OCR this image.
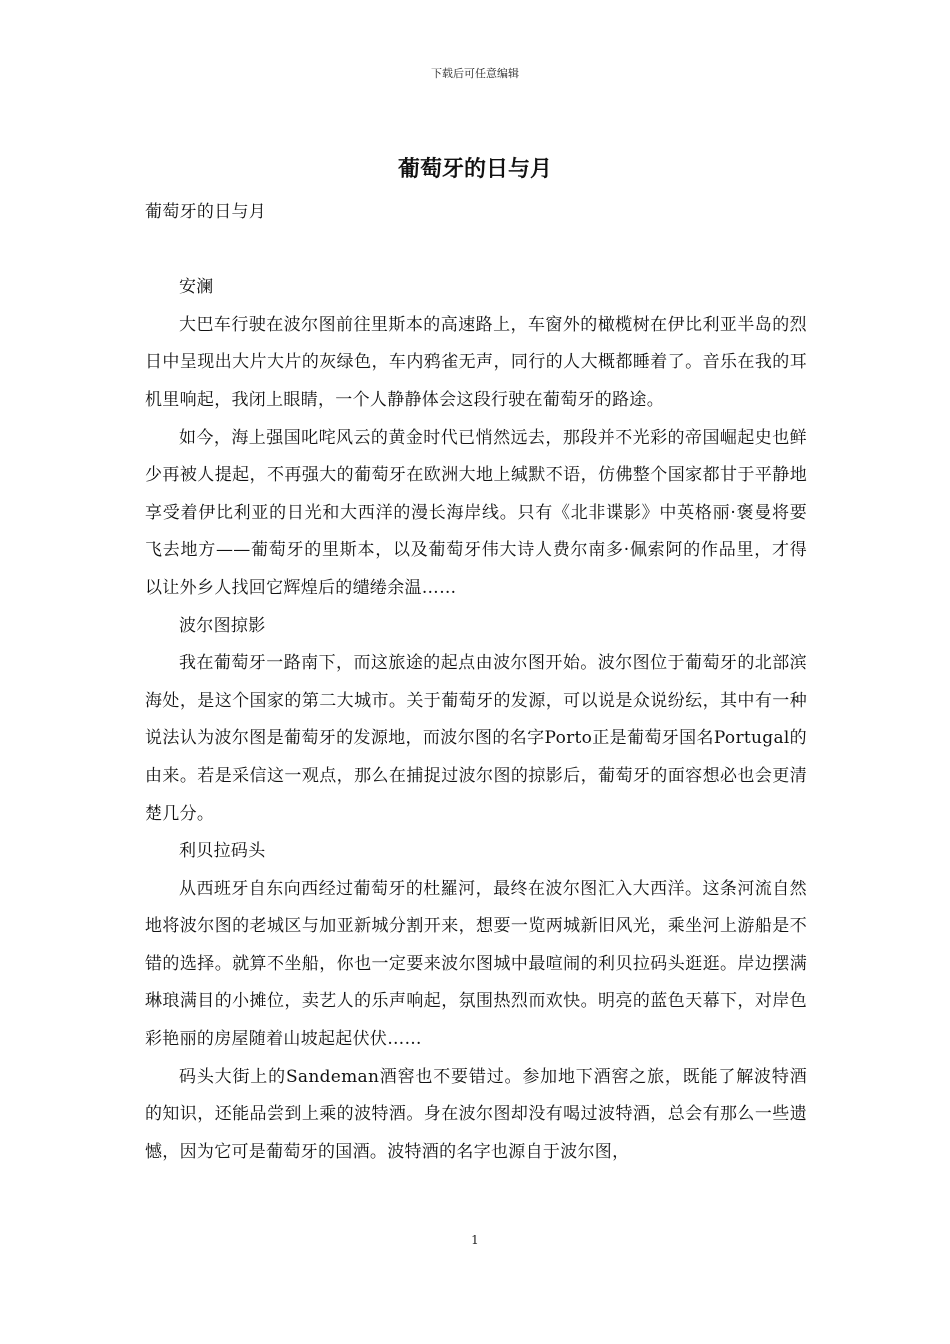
下载后可任意编辑
葡萄牙的日与月

葡萄牙的日与月

安澜

大巴车行驶在波尔图前往里斯本的高速路上，车窗外的橄榄树在伊比利亚半岛的烈日中呈现出大片大片的灰绿色，车内鸦雀无声，同行的人大概都睡着了。音乐在我的耳机里响起，我闭上眼睛，一个人静静体会这段行驶在葡萄牙的路途。

如今，海上强国叱咤风云的黄金时代已悄然远去，那段并不光彩的帝国崛起史也鲜少再被人提起，不再强大的葡萄牙在欧洲大地上缄默不语，仿佛整个国家都甘于平静地享受着伊比利亚的日光和大西洋的漫长海岸线。只有《北非谍影》中英格丽·褒曼将要飞去地方——葡萄牙的里斯本，以及葡萄牙伟大诗人费尔南多·佩索阿的作品里，才得以让外乡人找回它辉煌后的缱绻余温……

波尔图掠影

我在葡萄牙一路南下，而这旅途的起点由波尔图开始。波尔图位于葡萄牙的北部滨海处，是这个国家的第二大城市。关于葡萄牙的发源，可以说是众说纷纭，其中有一种说法认为波尔图是葡萄牙的发源地，而波尔图的名字Porto正是葡萄牙国名Portugal的由来。若是采信这一观点，那么在捕捉过波尔图的掠影后，葡萄牙的面容想必也会更清楚几分。

利贝拉码头

从西班牙自东向西经过葡萄牙的杜羅河，最终在波尔图汇入大西洋。这条河流自然地将波尔图的老城区与加亚新城分割开来，想要一览两城新旧风光，乘坐河上游船是不错的选择。就算不坐船，你也一定要来波尔图城中最喧闹的利贝拉码头逛逛。岸边摆满琳琅满目的小摊位，卖艺人的乐声响起，氛围热烈而欢快。明亮的蓝色天幕下，对岸色彩艳丽的房屋随着山坡起起伏伏……

码头大街上的Sandeman酒窖也不要错过。参加地下酒窖之旅，既能了解波特酒的知识，还能品尝到上乘的波特酒。身在波尔图却没有喝过波特酒，总会有那么一些遗憾，因为它可是葡萄牙的国酒。波特酒的名字也源自于波尔图，

1
